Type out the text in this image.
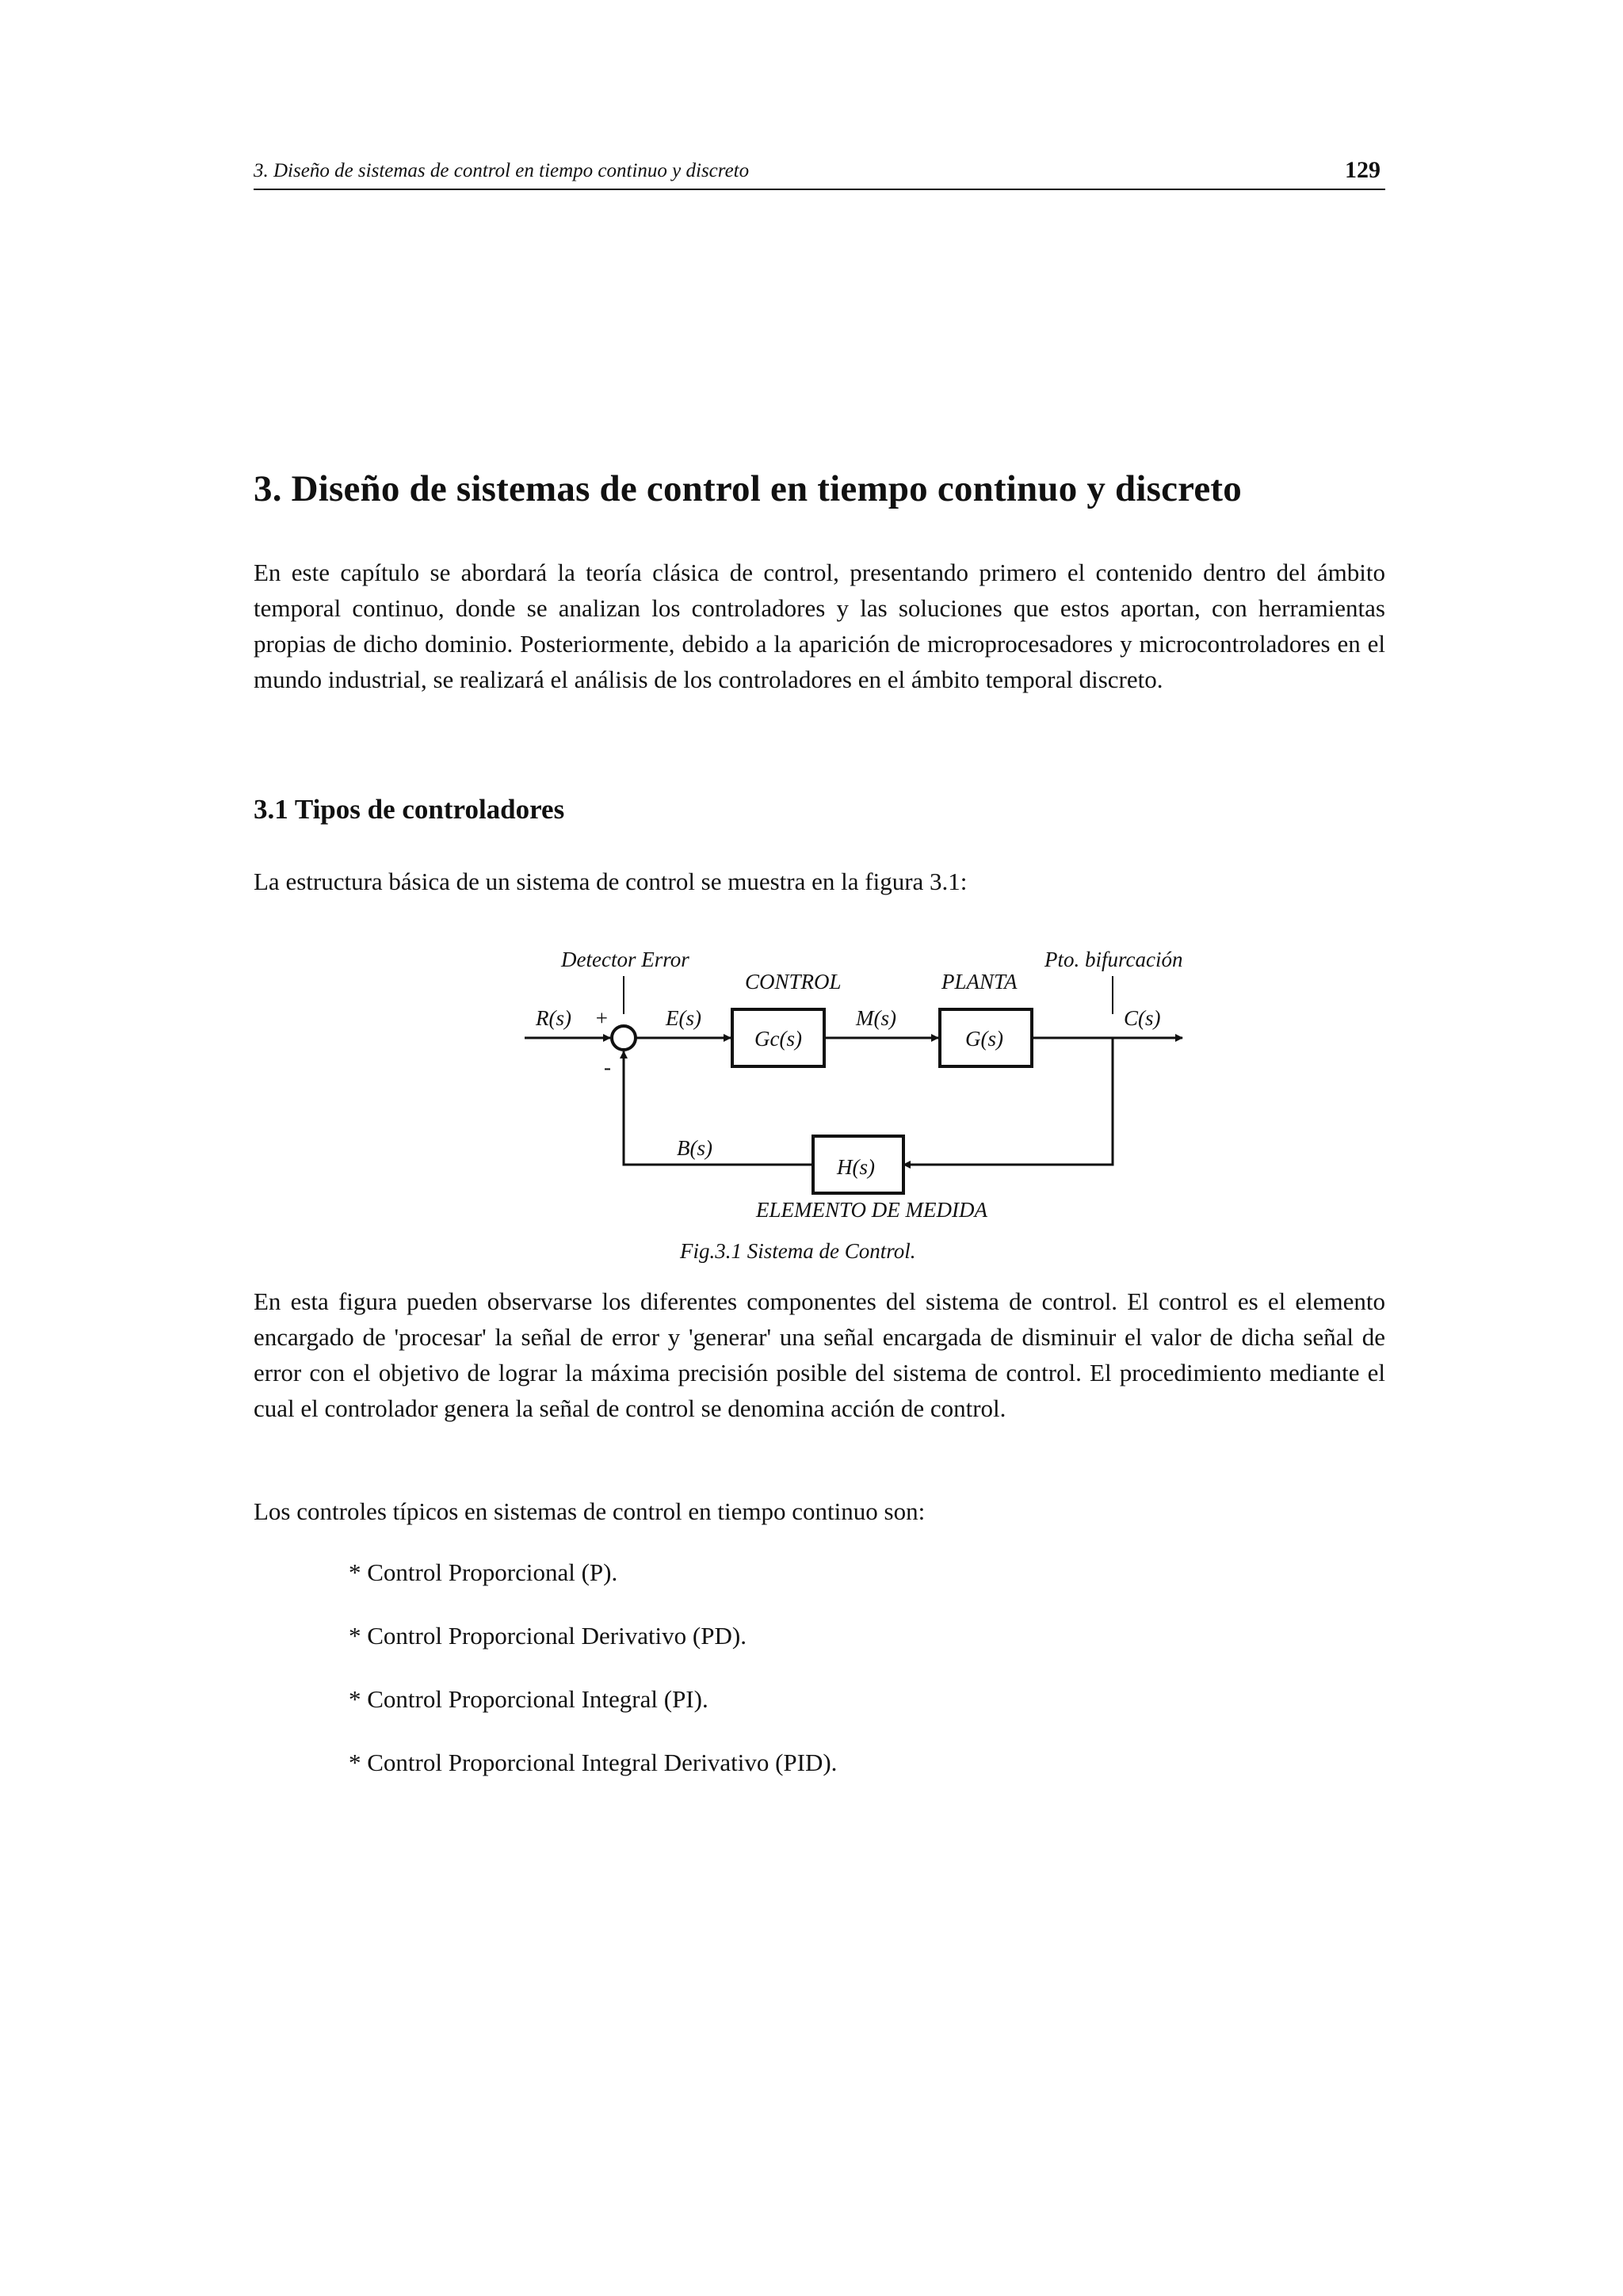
3. Diseño de sistemas de control en tiempo continuo y discreto	129
3. Diseño de sistemas de control en tiempo continuo y discreto

En este capítulo se abordará la teoría clásica de control, presentando primero el contenido dentro del ámbito temporal continuo, donde se analizan los controladores y las soluciones que estos aportan, con herramientas propias de dicho dominio. Posteriormente, debido a la aparición de microprocesadores y microcontroladores en el mundo industrial, se realizará el análisis de los controladores en el ámbito temporal discreto.

3.1 Tipos de controladores

La estructura básica de un sistema de control se muestra en la figura 3.1:

Detector Error
CONTROL	PLANTA
Pto. bifurcación
R(s) +
-
E(s)
Gc(s)
M(s)
G(s)
C(s)
B(s)
H(s)
ELEMENTO DE MEDIDA
Fig.3.1 Sistema de Control.

En esta figura pueden observarse los diferentes componentes del sistema de control. El control es el elemento encargado de 'procesar' la señal de error y 'generar' una señal encargada de disminuir el valor de dicha señal de error con el objetivo de lograr la máxima precisión posible del sistema de control. El procedimiento mediante el cual el controlador genera la señal de control se denomina acción de control.

Los controles típicos en sistemas de control en tiempo continuo son:

* Control Proporcional (P).
* Control Proporcional Derivativo (PD).
* Control Proporcional Integral (PI).
* Control Proporcional Integral Derivativo (PID).
